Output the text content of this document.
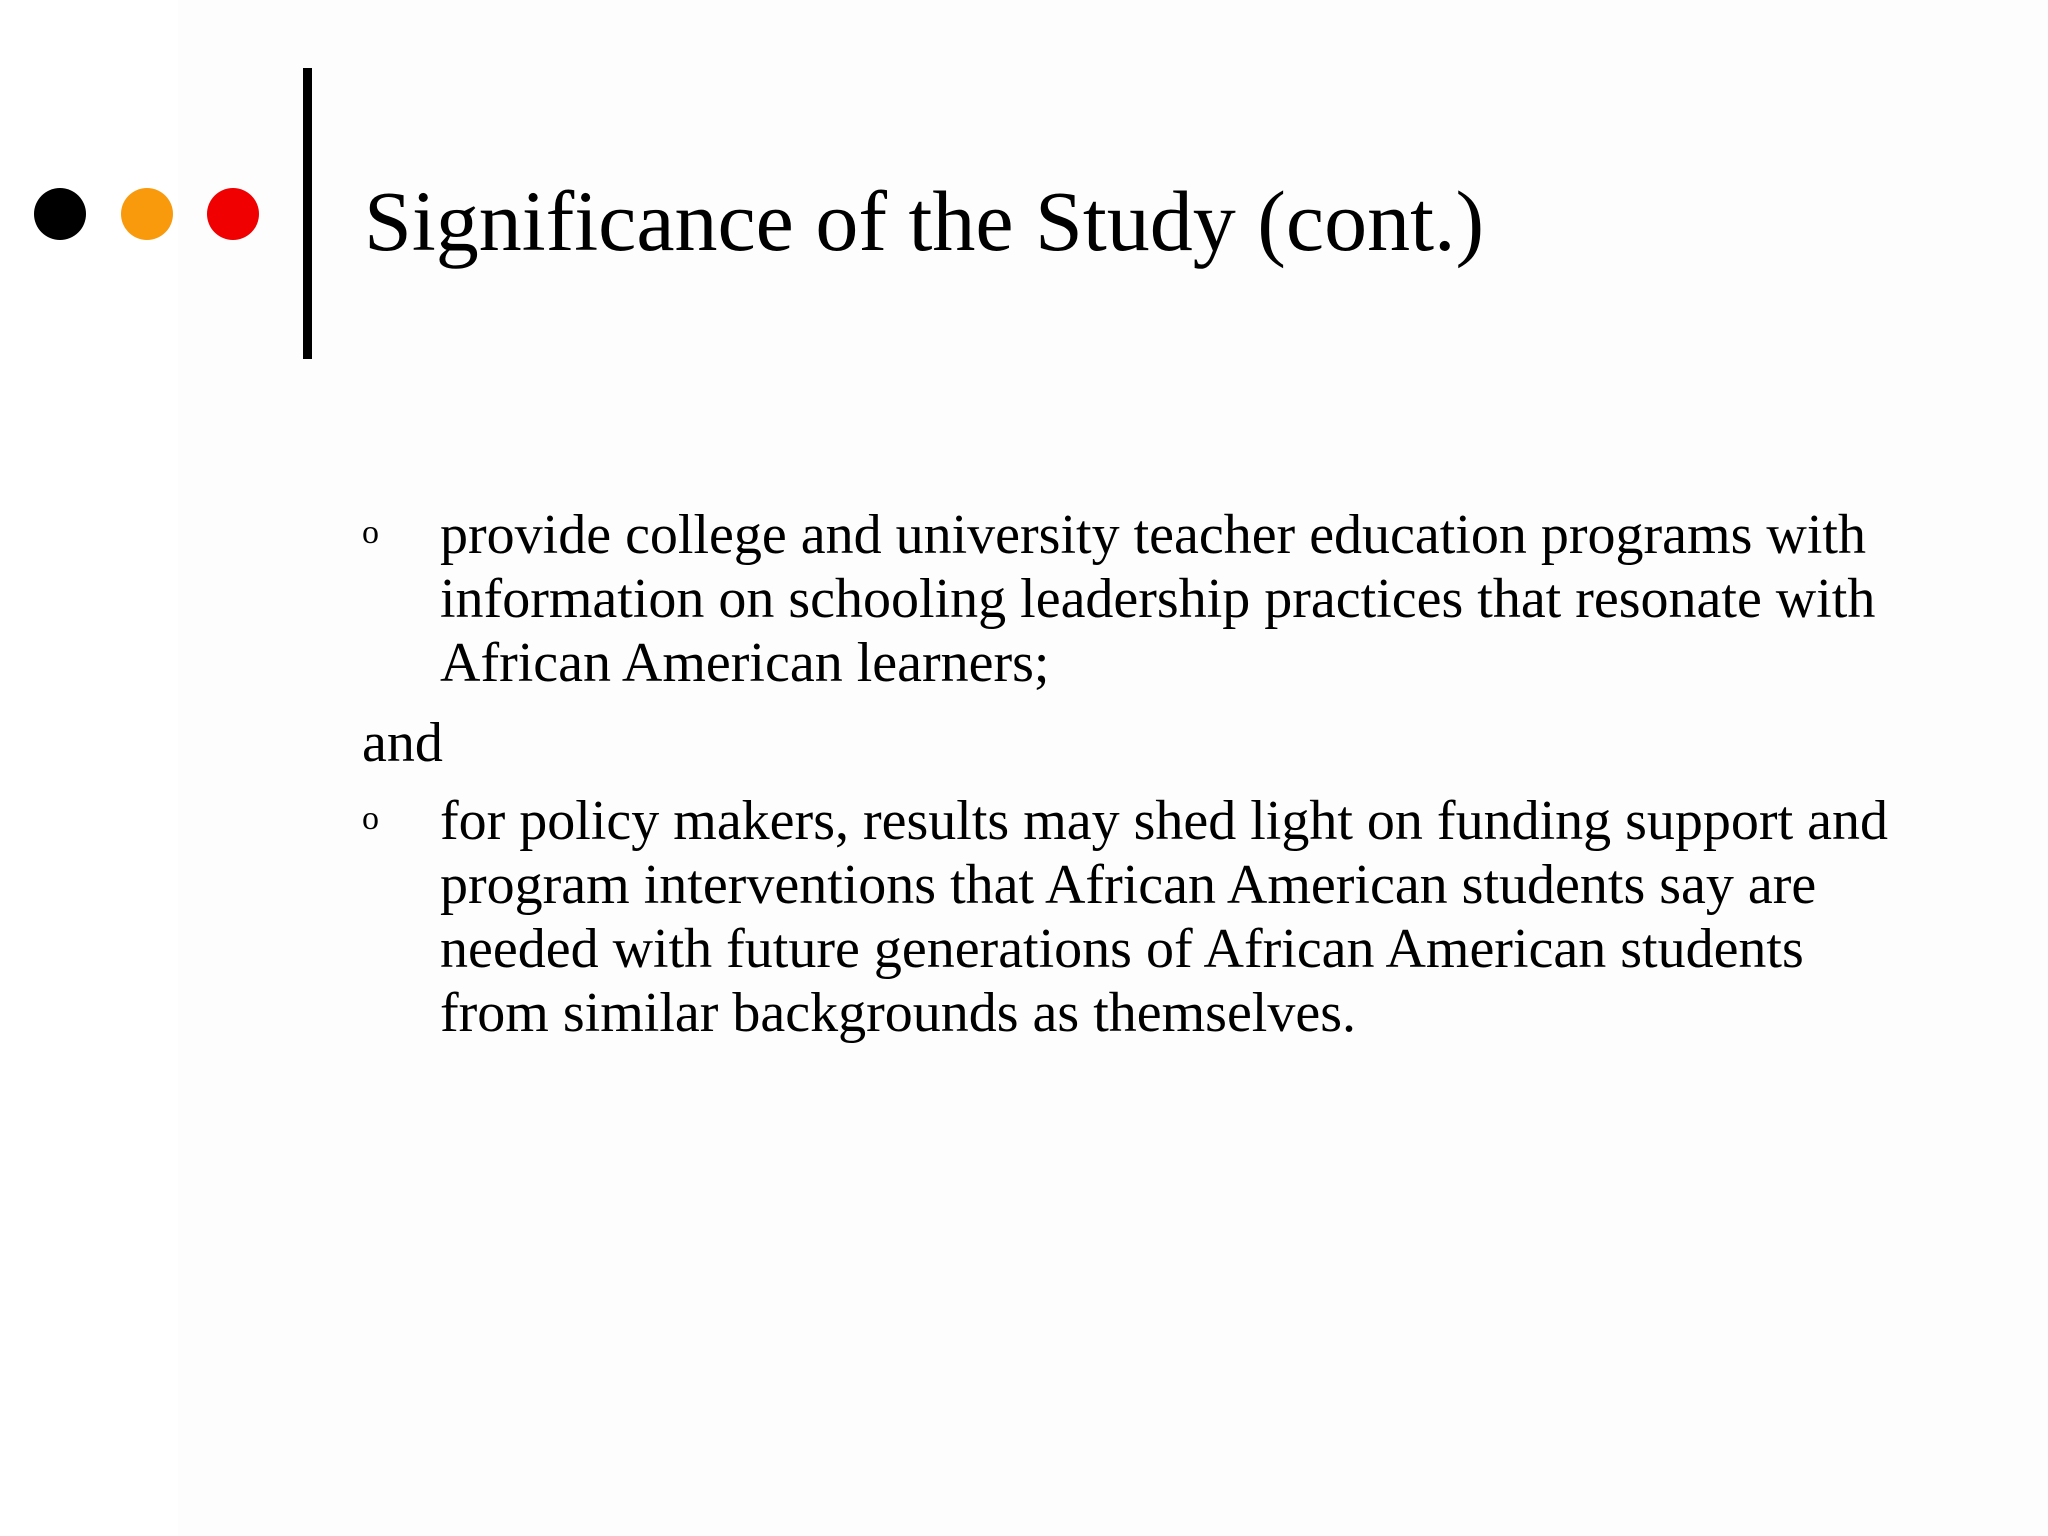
Significance of the Study (cont.)
o provide college and university teacher education programs with information on schooling leadership practices that resonate with African American learners;
and
o for policy makers, results may shed light on funding support and program interventions that African American students say are needed with future generations of African American students from similar backgrounds as themselves.
